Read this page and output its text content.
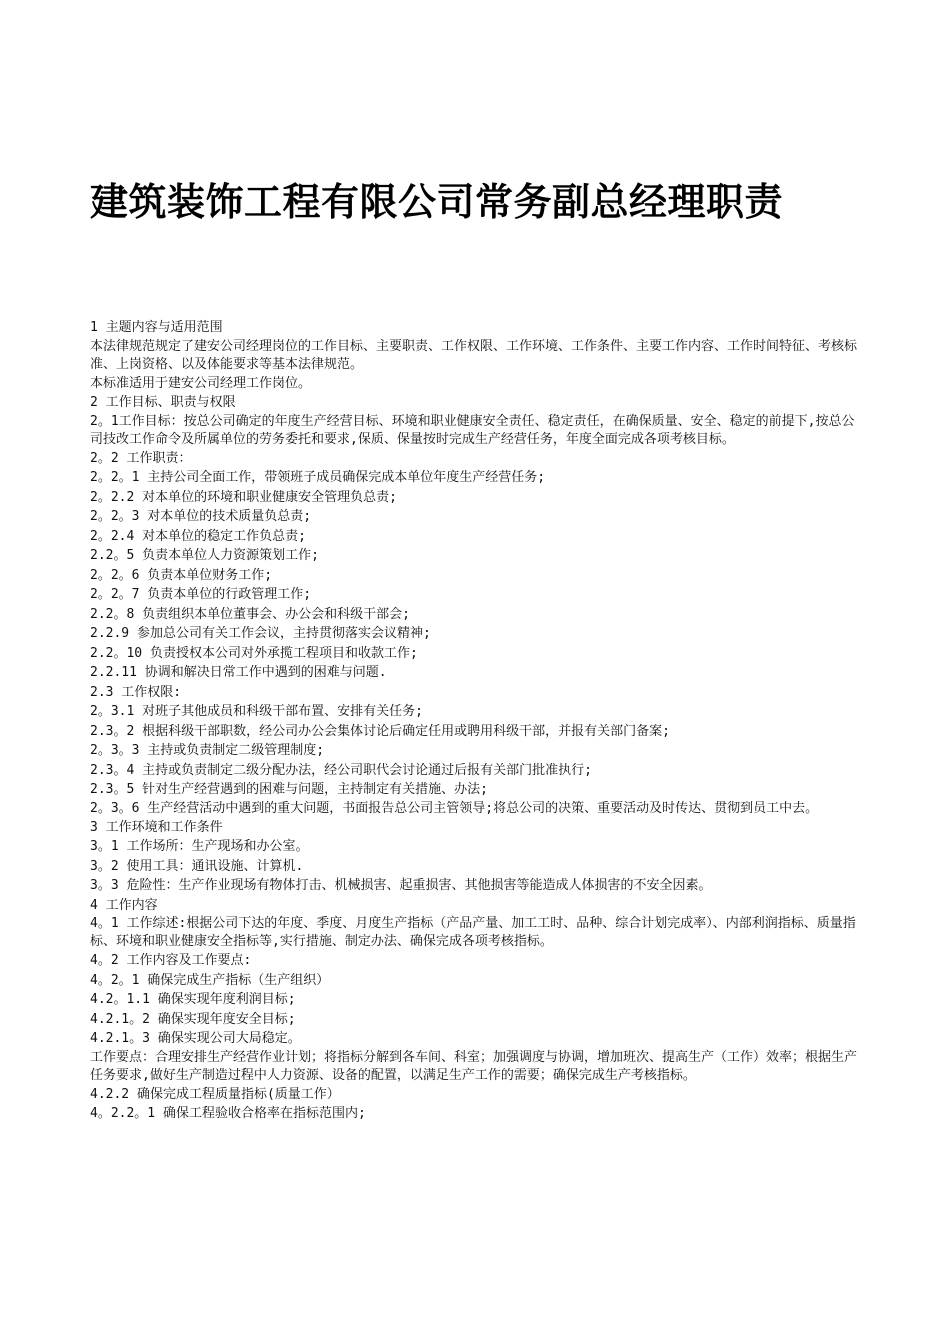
建筑装饰工程有限公司常务副总经理职责
1 主题内容与适用范围
本法律规范规定了建安公司经理岗位的工作目标、主要职责、工作权限、工作环境、工作条件、主要工作内容、工作时间特征、考核标准、上岗资格、以及体能要求等基本法律规范。
本标准适用于建安公司经理工作岗位。
2 工作目标、职责与权限
2。1工作目标：按总公司确定的年度生产经营目标、环境和职业健康安全责任、稳定责任，在确保质量、安全、稳定的前提下,按总公司技改工作命令及所属单位的劳务委托和要求,保质、保量按时完成生产经营任务，年度全面完成各项考核目标。
2。2 工作职责：
2。2。1 主持公司全面工作，带领班子成员确保完成本单位年度生产经营任务;
2。2.2 对本单位的环境和职业健康安全管理负总责;
2。2。3 对本单位的技术质量负总责;
2。2.4 对本单位的稳定工作负总责;
2.2。5 负责本单位人力资源策划工作;
2。2。6 负责本单位财务工作;
2。2。7 负责本单位的行政管理工作;
2.2。8 负责组织本单位董事会、办公会和科级干部会;
2.2.9 参加总公司有关工作会议，主持贯彻落实会议精神;
2.2。10 负责授权本公司对外承揽工程项目和收款工作;
2.2.11 协调和解决日常工作中遇到的困难与问题.
2.3 工作权限:
2。3.1 对班子其他成员和科级干部布置、安排有关任务;
2.3。2 根据科级干部职数，经公司办公会集体讨论后确定任用或聘用科级干部，并报有关部门备案;
2。3。3 主持或负责制定二级管理制度;
2.3。4 主持或负责制定二级分配办法，经公司职代会讨论通过后报有关部门批准执行;
2.3。5 针对生产经营遇到的困难与问题，主持制定有关措施、办法;
2。3。6 生产经营活动中遇到的重大问题，书面报告总公司主管领导;将总公司的决策、重要活动及时传达、贯彻到员工中去。
3 工作环境和工作条件
3。1 工作场所：生产现场和办公室。
3。2 使用工具：通讯设施、计算机.
3。3 危险性：生产作业现场有物体打击、机械损害、起重损害、其他损害等能造成人体损害的不安全因素。
4 工作内容
4。1 工作综述:根据公司下达的年度、季度、月度生产指标（产品产量、加工工时、品种、综合计划完成率）、内部利润指标、质量指标、环境和职业健康安全指标等,实行措施、制定办法、确保完成各项考核指标。
4。2 工作内容及工作要点:
4。2。1 确保完成生产指标（生产组织）
4.2。1.1 确保实现年度利润目标;
4.2.1。2 确保实现年度安全目标;
4.2.1。3 确保实现公司大局稳定。
工作要点：合理安排生产经营作业计划；将指标分解到各车间、科室；加强调度与协调，增加班次、提高生产（工作）效率；根据生产任务要求,做好生产制造过程中人力资源、设备的配置，以满足生产工作的需要；确保完成生产考核指标。
4.2.2 确保完成工程质量指标(质量工作）
4。2.2。1 确保工程验收合格率在指标范围内;
